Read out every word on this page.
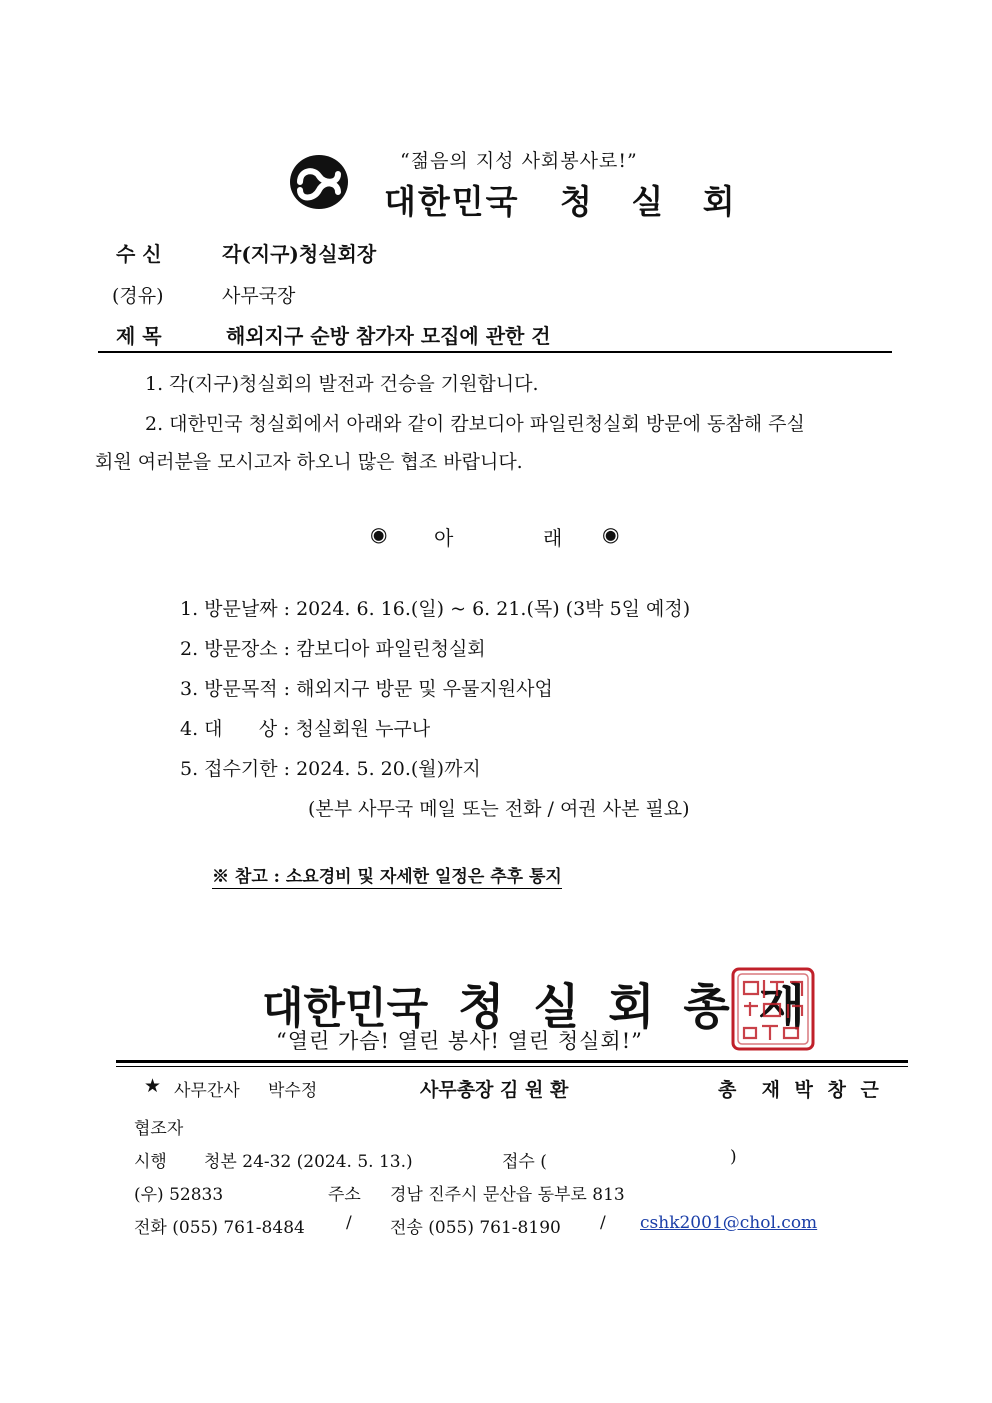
“젊음의 지성 사회봉사로!”
대한민국 청 실 회
수 신	각(지구)청실회장
(경유)	사무국장
제 목	해외지구 순방 참가자 모집에 관한 건
1. 각(지구)청실회의 발전과 건승을 기원합니다.
2. 대한민국 청실회에서 아래와 같이 캄보디아 파일린청실회 방문에 동참해 주실
회원 여러분을 모시고자 하오니 많은 협조 바랍니다.
◉ 아	래 ◉
1. 방문날짜 : 2024. 6. 16.(일) ~ 6. 21.(목) (3박 5일 예정)
2. 방문장소 : 캄보디아 파일린청실회
3. 방문목적 : 해외지구 방문 및 우물지원사업
4. 대      상 : 청실회원 누구나
5. 접수기한 : 2024. 5. 20.(월)까지
(본부 사무국 메일 또는 전화 / 여권 사본 필요)
※ 참고 : 소요경비 및 자세한 일정은 추후 통지
대한민국 청 실 회 총 재
“열린 가슴! 열린 봉사! 열린 청실회!”
★ 사무간사 박수정	사무총장 김 원 환	총  재 박 창 근
협조자
시행 청본 24-32 (2024. 5. 13.)	접수 (	)
(우) 52833	주소 경남 진주시 문산읍 동부로 813
전화 (055) 761-8484 / 전송 (055) 761-8190 / cshk2001@chol.com
